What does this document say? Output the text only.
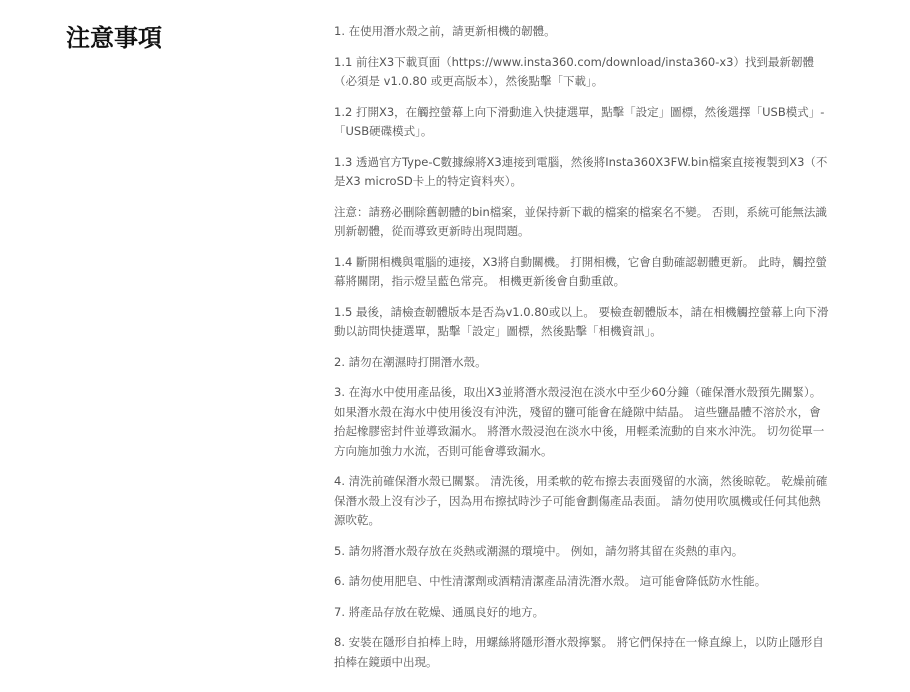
注意事項	1. 在使用潛水殼之前，請更新相機的韌體。

1.1 前往X3下載頁面（https://www.insta360.com/download/insta360-x3）找到最新韌體（必須是 v1.0.80 或更高版本），然後點擊「下載」。

1.2 打開X3，在觸控螢幕上向下滑動進入快捷選單，點擊「設定」圖標，然後選擇「USB模式」-「USB硬碟模式」。

1.3 透過官方Type-C數據線將X3連接到電腦，然後將Insta360X3FW.bin檔案直接複製到X3（不是X3 microSD卡上的特定資料夾）。

注意：請務必刪除舊韌體的bin檔案，並保持新下載的檔案的檔案名不變。 否則，系統可能無法識別新韌體，從而導致更新時出現問題。

1.4 斷開相機與電腦的連接，X3將自動關機。 打開相機，它會自動確認韌體更新。 此時，觸控螢幕將關閉，指示燈呈藍色常亮。 相機更新後會自動重啟。

1.5 最後，請檢查韌體版本是否為v1.0.80或以上。 要檢查韌體版本，請在相機觸控螢幕上向下滑動以訪問快捷選單，點擊「設定」圖標，然後點擊「相機資訊」。

2. 請勿在潮濕時打開潛水殼。

3. 在海水中使用產品後，取出X3並將潛水殼浸泡在淡水中至少60分鐘（確保潛水殼預先關緊）。 如果潛水殼在海水中使用後沒有沖洗，殘留的鹽可能會在縫隙中結晶。 這些鹽晶體不溶於水，會抬起橡膠密封件並導致漏水。 將潛水殼浸泡在淡水中後，用輕柔流動的自來水沖洗。 切勿從單一方向施加強力水流，否則可能會導致漏水。

4. 清洗前確保潛水殼已關緊。 清洗後，用柔軟的乾布擦去表面殘留的水滴，然後晾乾。 乾燥前確保潛水殼上沒有沙子，因為用布擦拭時沙子可能會劃傷產品表面。 請勿使用吹風機或任何其他熱源吹乾。

5. 請勿將潛水殼存放在炎熱或潮濕的環境中。 例如，請勿將其留在炎熱的車內。

6. 請勿使用肥皂、中性清潔劑或酒精清潔產品清洗潛水殼。 這可能會降低防水性能。

7. 將產品存放在乾燥、通風良好的地方。

8. 安裝在隱形自拍棒上時，用螺絲將隱形潛水殼擰緊。 將它們保持在一條直線上，以防止隱形自拍棒在鏡頭中出現。
